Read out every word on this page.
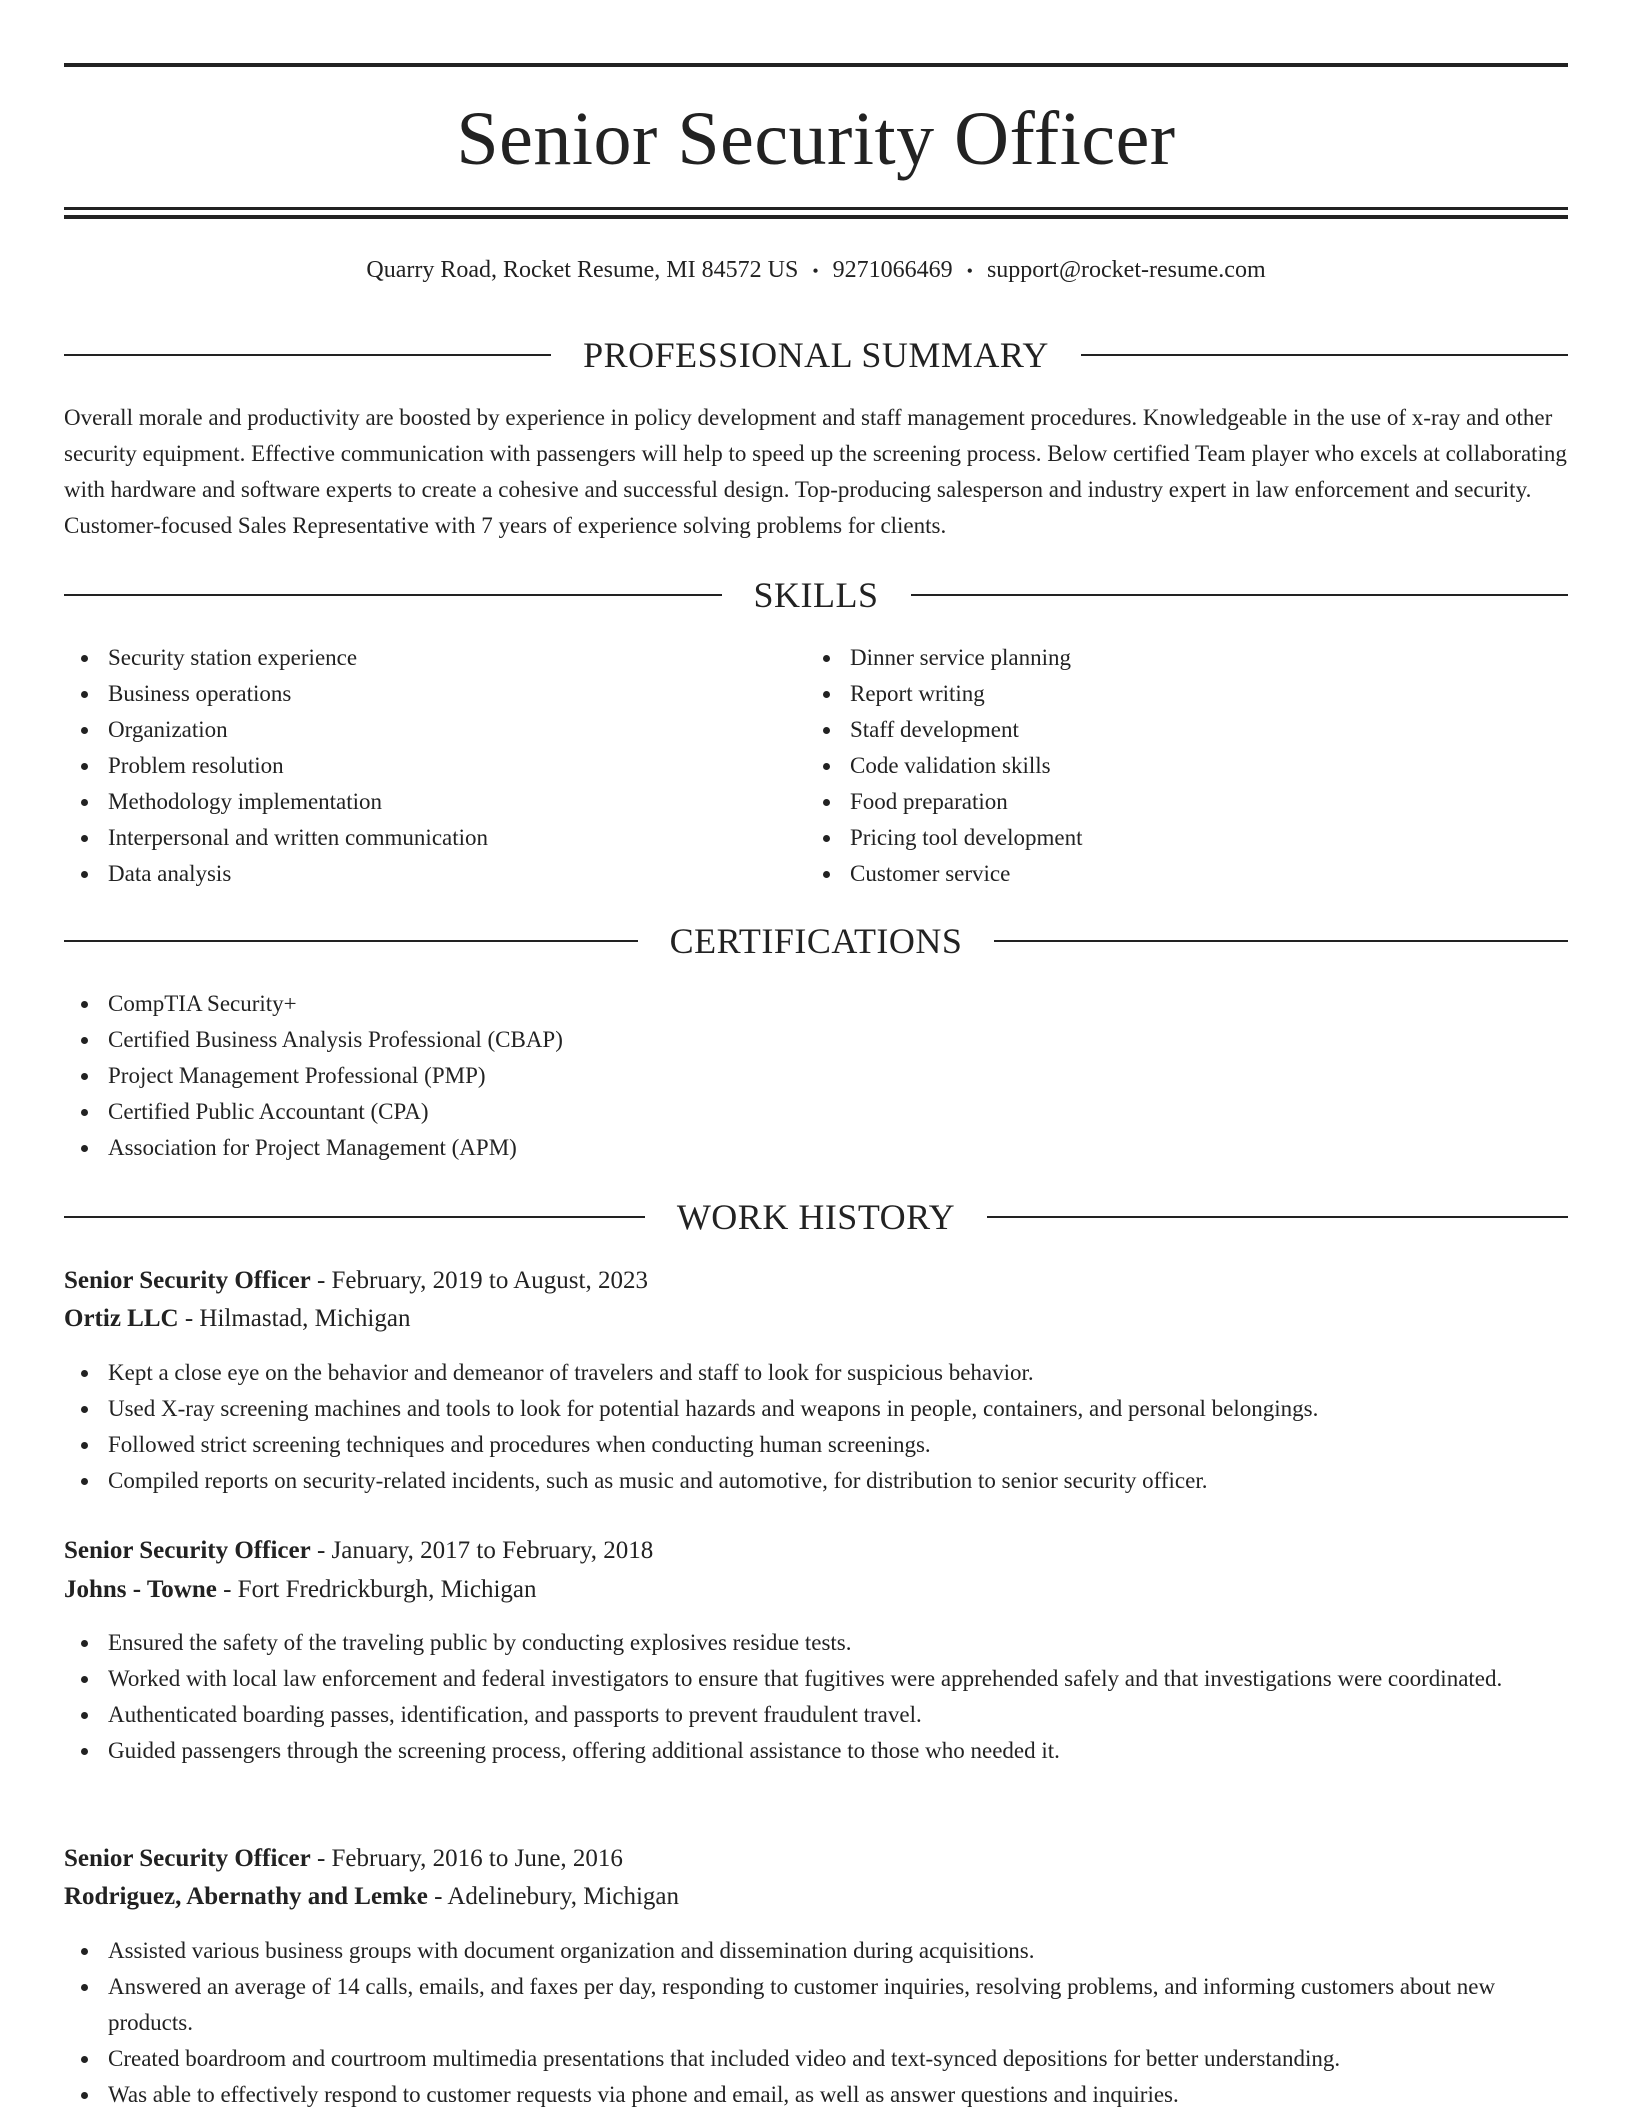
Senior Security Officer
Quarry Road, Rocket Resume, MI 84572 US • 9271066469 • support@rocket-resume.com
PROFESSIONAL SUMMARY

Overall morale and productivity are boosted by experience in policy development and staff management procedures. Knowledgeable in the use of x-ray and other security equipment. Effective communication with passengers will help to speed up the screening process. Below certified Team player who excels at collaborating with hardware and software experts to create a cohesive and successful design. Top-producing salesperson and industry expert in law enforcement and security. Customer-focused Sales Representative with 7 years of experience solving problems for clients.

SKILLS
Security station experience
Business operations
Organization
Problem resolution
Methodology implementation
Interpersonal and written communication
Data analysis
Dinner service planning
Report writing
Staff development
Code validation skills
Food preparation
Pricing tool development
Customer service
CERTIFICATIONS
CompTIA Security+
Certified Business Analysis Professional (CBAP)
Project Management Professional (PMP)
Certified Public Accountant (CPA)
Association for Project Management (APM)
WORK HISTORY
Senior Security Officer - February, 2019 to August, 2023
Ortiz LLC - Hilmastad, Michigan
Kept a close eye on the behavior and demeanor of travelers and staff to look for suspicious behavior.
Used X-ray screening machines and tools to look for potential hazards and weapons in people, containers, and personal belongings.
Followed strict screening techniques and procedures when conducting human screenings.
Compiled reports on security-related incidents, such as music and automotive, for distribution to senior security officer.
Senior Security Officer - January, 2017 to February, 2018
Johns - Towne - Fort Fredrickburgh, Michigan
Ensured the safety of the traveling public by conducting explosives residue tests.
Worked with local law enforcement and federal investigators to ensure that fugitives were apprehended safely and that investigations were coordinated.
Authenticated boarding passes, identification, and passports to prevent fraudulent travel.
Guided passengers through the screening process, offering additional assistance to those who needed it.
Senior Security Officer - February, 2016 to June, 2016
Rodriguez, Abernathy and Lemke - Adelinebury, Michigan
Assisted various business groups with document organization and dissemination during acquisitions.
Answered an average of 14 calls, emails, and faxes per day, responding to customer inquiries, resolving problems, and informing customers about new products.
Created boardroom and courtroom multimedia presentations that included video and text-synced depositions for better understanding.
Was able to effectively respond to customer requests via phone and email, as well as answer questions and inquiries.
